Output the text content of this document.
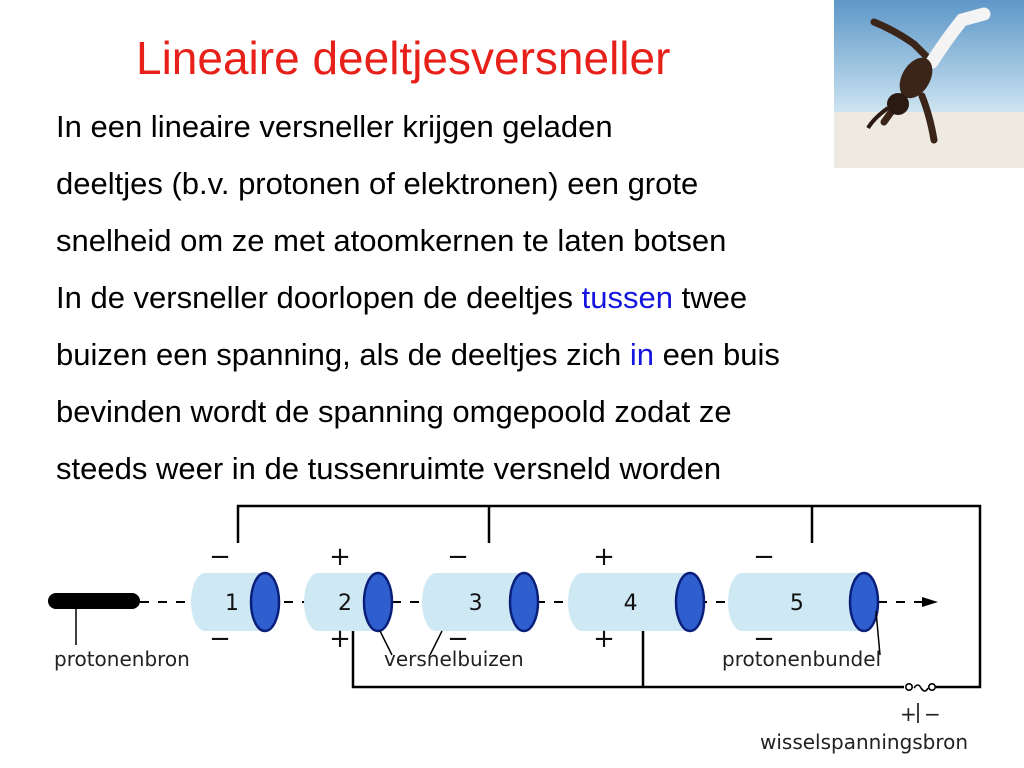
Lineaire deeltjesversneller
In een lineaire versneller krijgen geladen
deeltjes (b.v. protonen of elektronen) een grote
snelheid om ze met atoomkernen te laten botsen
In de versneller doorlopen de deeltjes tussen twee
buizen een spanning, als de deeltjes zich in een buis
bevinden wordt de spanning omgepoold zodat ze
steeds weer in de tussenruimte versneld worden
1
−
−
2
+
+
3
−
−
4
+
+
5
−
−
protonenbron	versnelbuizen	protonenbundel
+ −
wisselspanningsbron
